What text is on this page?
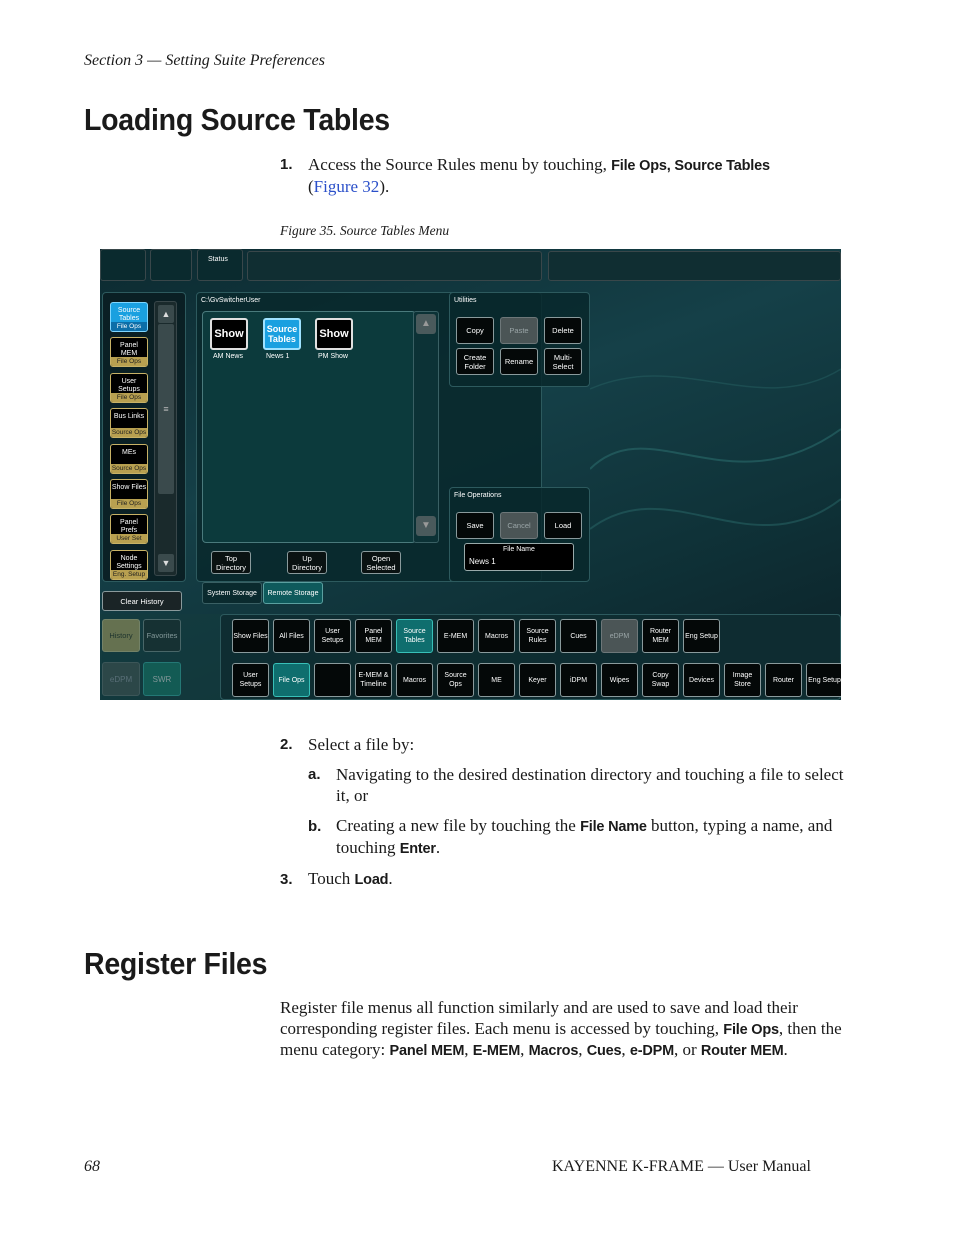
Section 3 — Setting Suite Preferences
Loading Source Tables
1. Access the Source Rules menu by touching, File Ops, Source Tables
(Figure 32).
Figure 35. Source Tables Menu
Status
Source Tables
File Ops
Panel MEM
File Ops
User Setups
File Ops
Bus Links
Source Ops
MEs
Source Ops
Show Files
File Ops
Panel Prefs
User Set
Node Settings
Eng. Setup
▲
≡
▼
Clear History
C:\GvSwitcherUser
Show
AM News
Source Tables
News 1
Show
PM Show
▲
▼
Top Directory
Up Directory
Open Selected
System Storage	Remote Storage
Utilities
Copy	Paste	Delete
Create Folder	Rename	Multi- Select
File Operations
Save	Cancel	Load
File Name
News 1
Show Files	All Files
User Setups
Panel MEM
Source Tables
E-MEM	Macros
Source Rules
Cues	eDPM
Router MEM
Eng Setup
User Setups
File Ops
E-MEM & Timeline
Macros
Source Ops
ME	Keyer	iDPM	Wipes
Copy Swap
Devices
Image Store
Router	Eng Setup
2. Select a file by:
a. Navigating to the desired destination directory and touching a file to select it, or
b. Creating a new file by touching the File Name button, typing a name, and touching Enter.
3. Touch Load.
Register Files
Register file menus all function similarly and are used to save and load their corresponding register files. Each menu is accessed by touching, File Ops, then the menu category: Panel MEM, E-MEM, Macros, Cues, e-DPM, or Router MEM.
68	KAYENNE K-FRAME — User Manual
